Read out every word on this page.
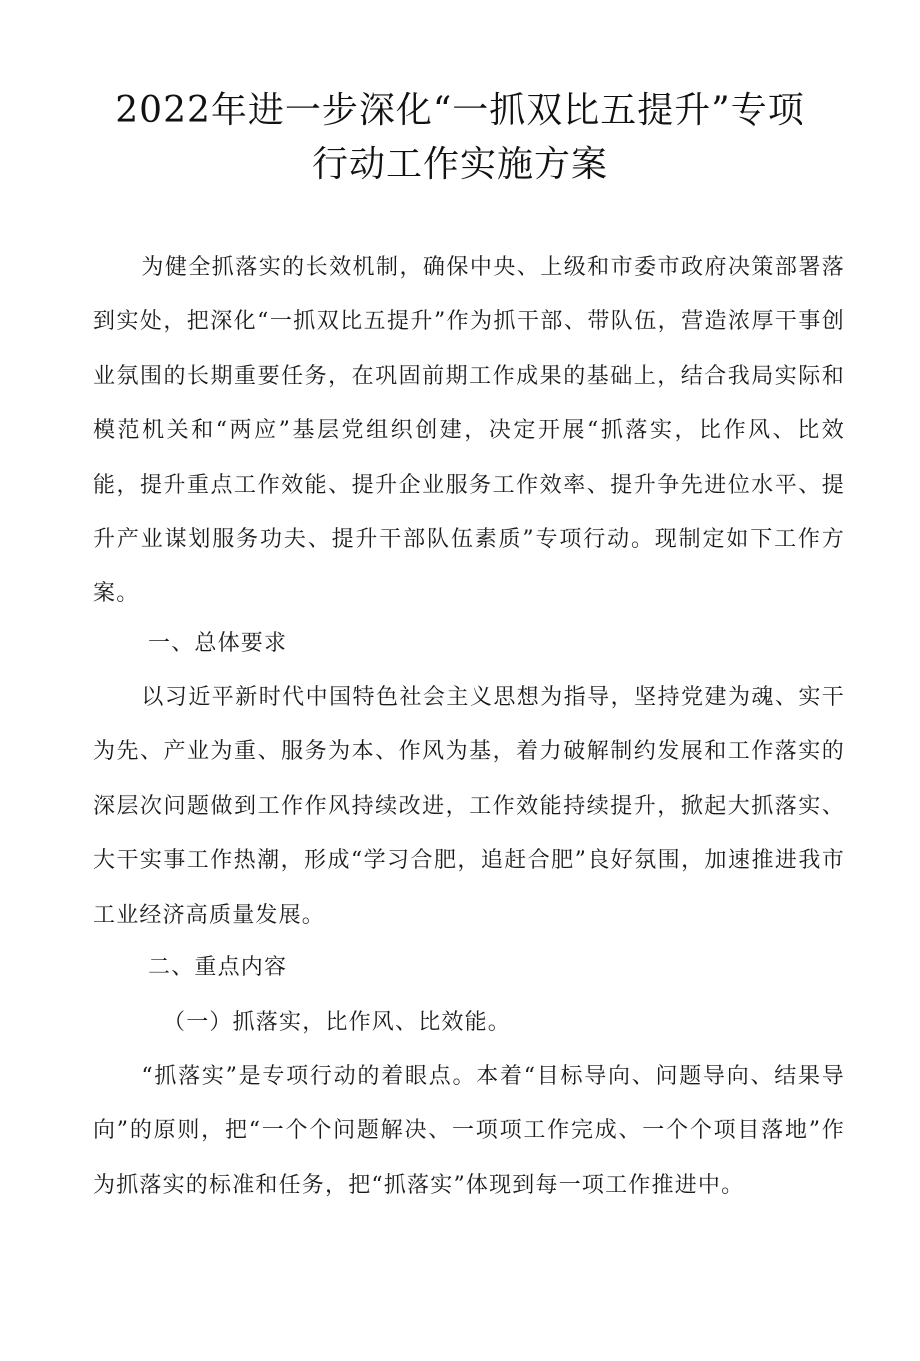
2022年进一步深化“一抓双比五提升”专项
行动工作实施方案

为健全抓落实的长效机制，确保中央、上级和市委市政府决策部署落到实处，把深化“一抓双比五提升”作为抓干部、带队伍，营造浓厚干事创业氛围的长期重要任务，在巩固前期工作成果的基础上，结合我局实际和模范机关和“两应”基层党组织创建，决定开展“抓落实，比作风、比效能，提升重点工作效能、提升企业服务工作效率、提升争先进位水平、提升产业谋划服务功夫、提升干部队伍素质”专项行动。现制定如下工作方案。

一、总体要求

以习近平新时代中国特色社会主义思想为指导，坚持党建为魂、实干为先、产业为重、服务为本、作风为基，着力破解制约发展和工作落实的深层次问题做到工作作风持续改进，工作效能持续提升，掀起大抓落实、大干实事工作热潮，形成“学习合肥，追赶合肥”良好氛围，加速推进我市工业经济高质量发展。

二、重点内容

（一）抓落实，比作风、比效能。

“抓落实”是专项行动的着眼点。本着“目标导向、问题导向、结果导向”的原则，把“一个个问题解决、一项项工作完成、一个个项目落地”作为抓落实的标准和任务，把“抓落实”体现到每一项工作推进中。
